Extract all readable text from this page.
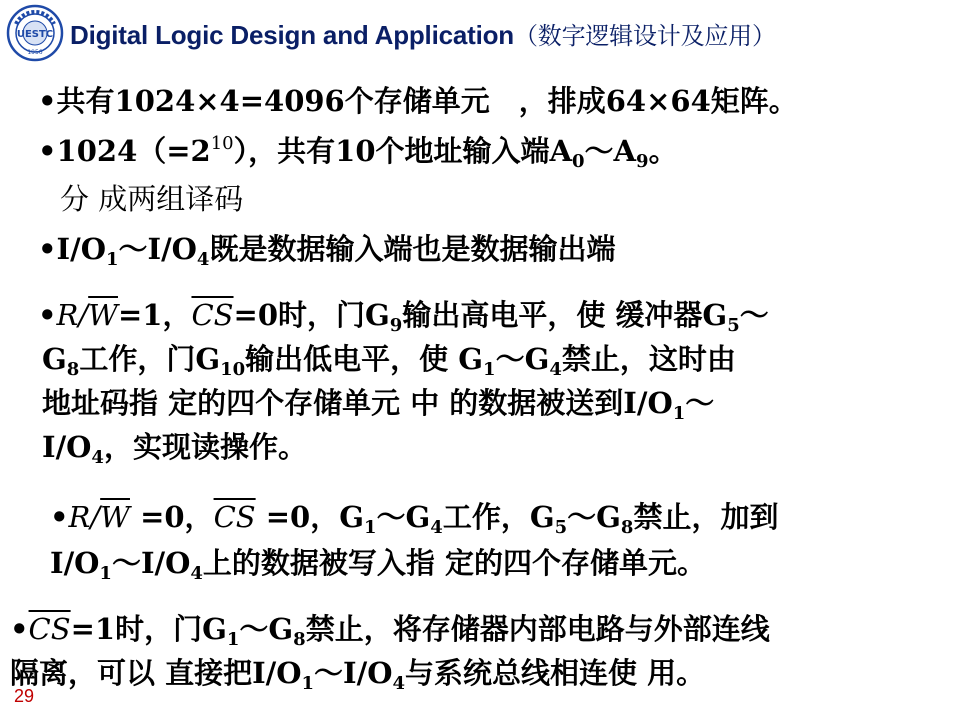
UESTC
1956
Digital Logic Design and Application（数字逻辑设计及应用）
•共有1024×4=4096个存储单元　，排成64×64矩阵。
$•1024(=2^{10})$，共有10个地址输入端$A_0\sim A_9$。
分 成两组译码
$•I/O_1\sim I/O_4$既是数据输入端也是数据输出端
$•R/\overline{W}=1$，$\overline{CS}=0$时，门$G_9$输出高电平，使 缓冲器$G_5\sim$
$G_8$工作，门$G_{10}$输出低电平，使 $G_1\sim G_4$禁止，这时由
地址码指 定的四个存储单元 中 的数据被送到$I/O_1\sim$
$I/O_4$，实现读操作。
$•R/\overline{W} =0$，$\overline{CS} =0$，$G_1\sim G_4$工作，$G_5\sim G_8$禁止，加到
$I/O_1\sim I/O_4$上的数据被写入指 定的四个存储单元。
$•\overline{CS}=1$时，门$G_1\sim G_8$禁止，将存储器内部电路与外部连线
隔离，可以 直接把$I/O_1\sim I/O_4$与系统总线相连使 用。
29
